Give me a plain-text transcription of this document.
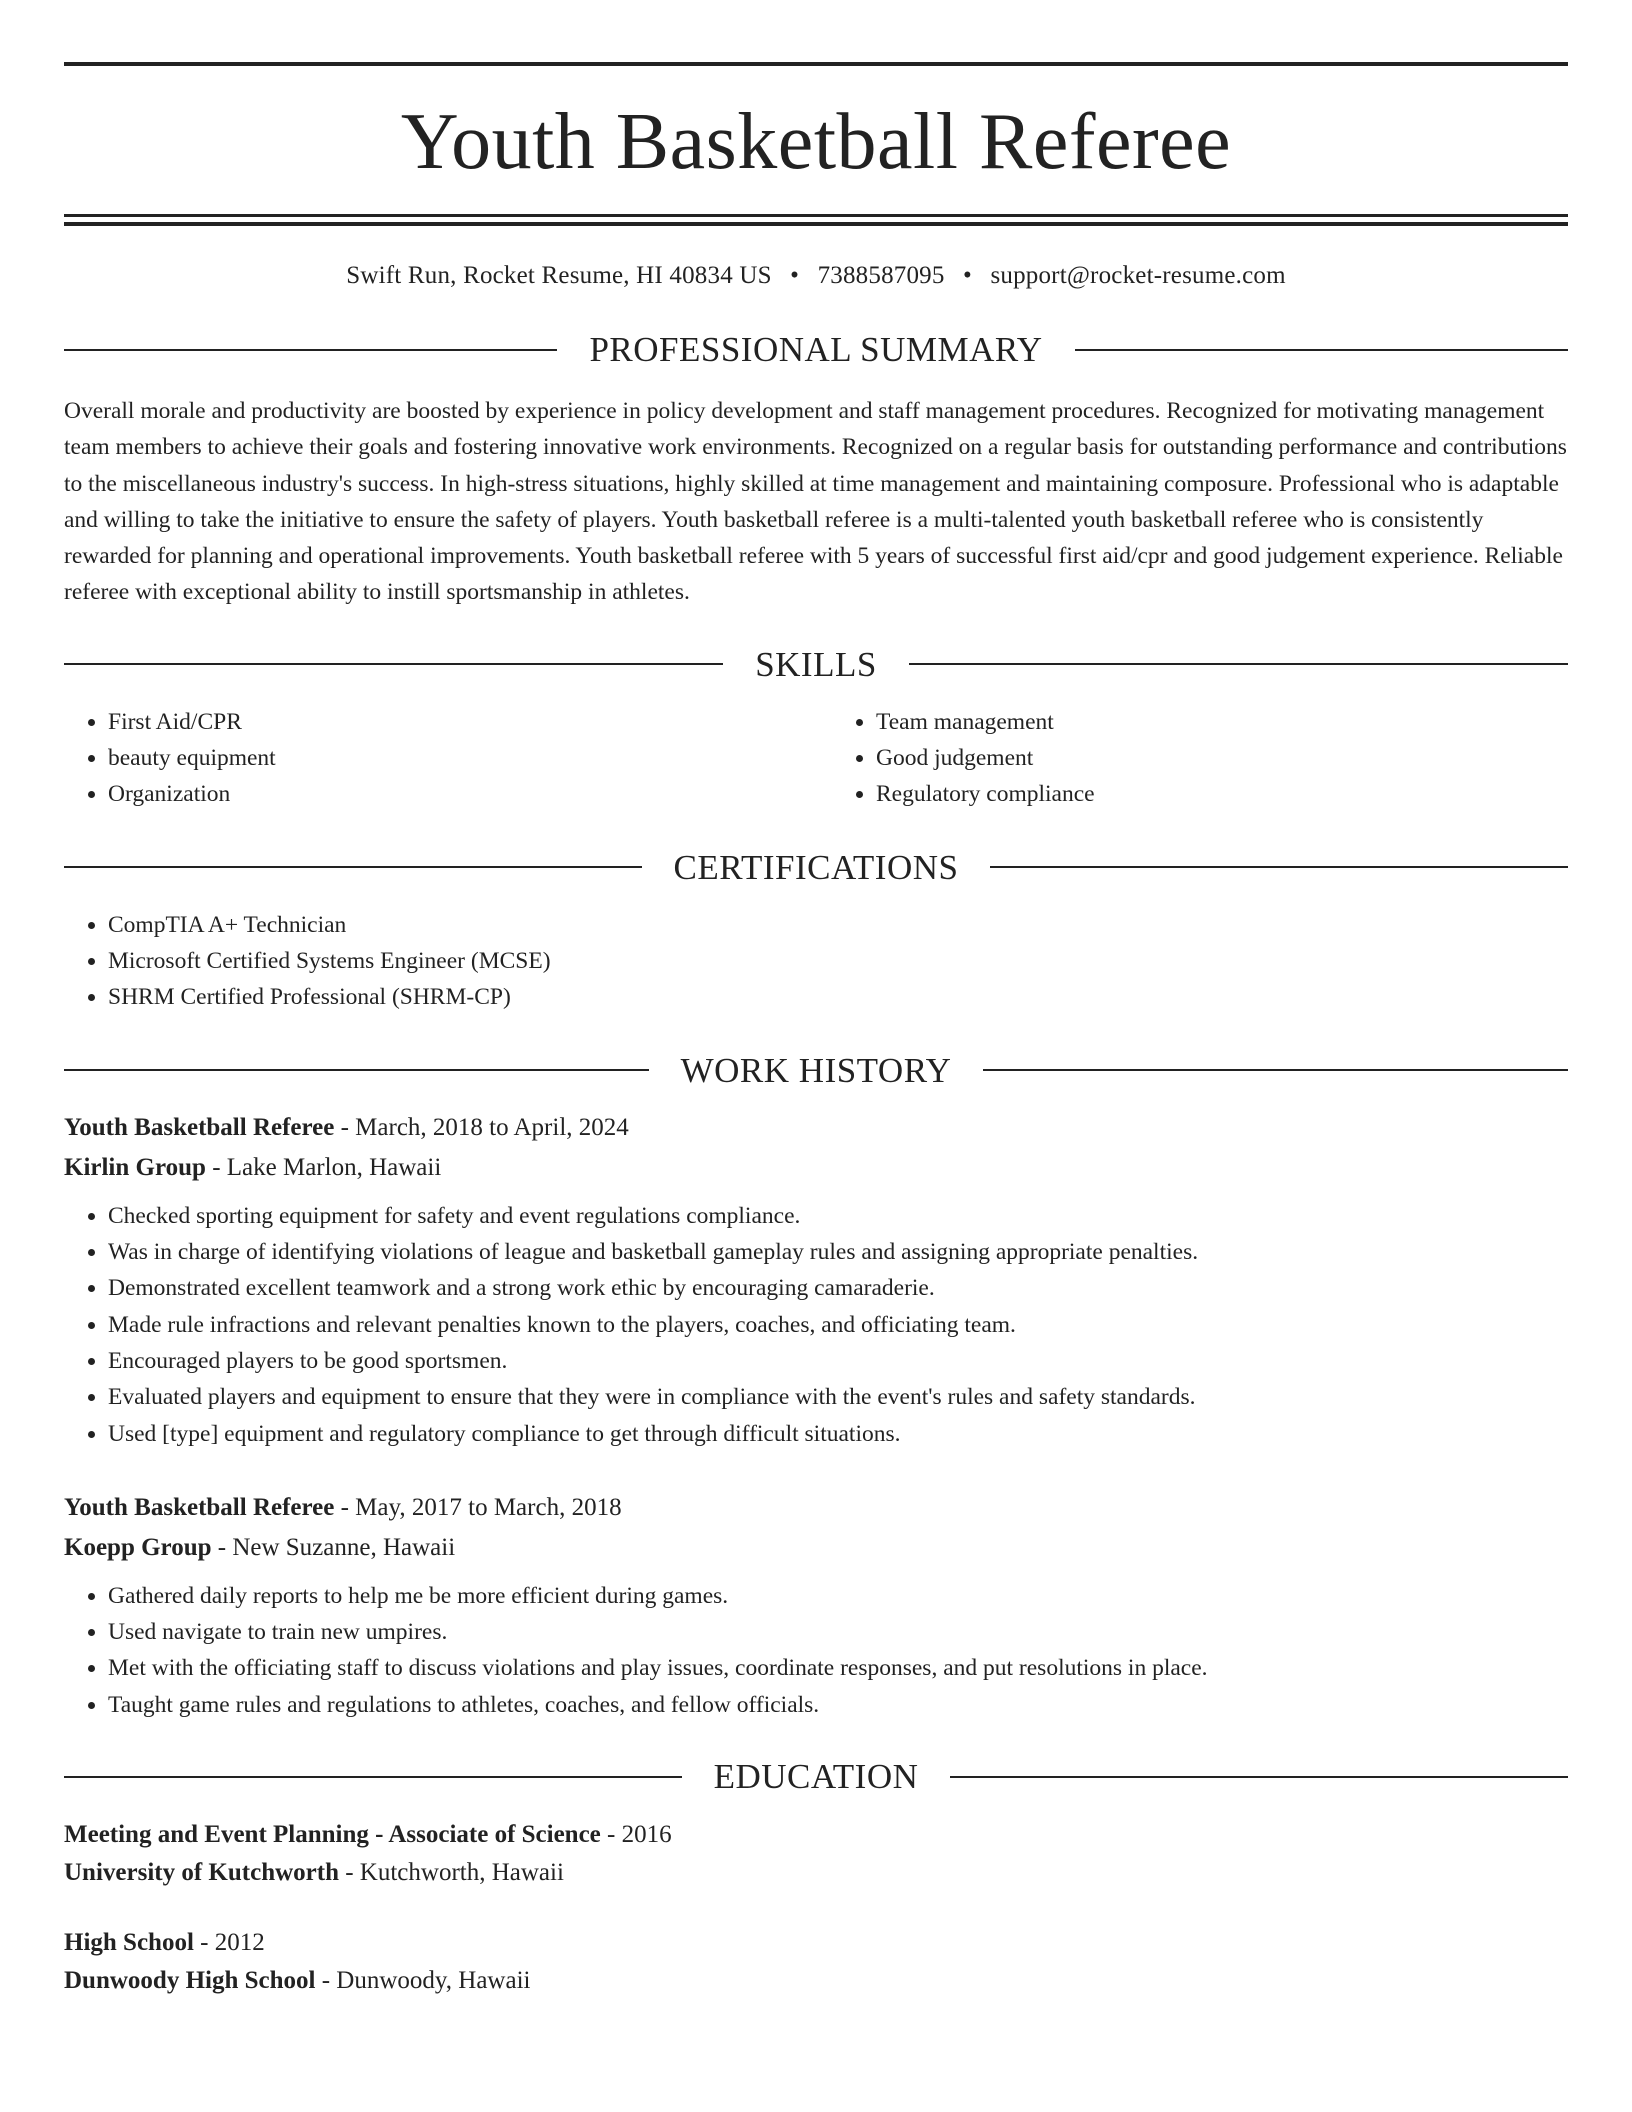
Youth Basketball Referee
Swift Run, Rocket Resume, HI 40834 US • 7388587095 • support@rocket-resume.com
PROFESSIONAL SUMMARY

Overall morale and productivity are boosted by experience in policy development and staff management procedures. Recognized for motivating management team members to achieve their goals and fostering innovative work environments. Recognized on a regular basis for outstanding performance and contributions to the miscellaneous industry's success. In high-stress situations, highly skilled at time management and maintaining composure. Professional who is adaptable and willing to take the initiative to ensure the safety of players. Youth basketball referee is a multi-talented youth basketball referee who is consistently rewarded for planning and operational improvements. Youth basketball referee with 5 years of successful first aid/cpr and good judgement experience. Reliable referee with exceptional ability to instill sportsmanship in athletes.

SKILLS
• First Aid/CPR
• beauty equipment
• Organization
• Team management
• Good judgement
• Regulatory compliance
CERTIFICATIONS
• CompTIA A+ Technician
• Microsoft Certified Systems Engineer (MCSE)
• SHRM Certified Professional (SHRM-CP)
WORK HISTORY
Youth Basketball Referee - March, 2018 to April, 2024
Kirlin Group - Lake Marlon, Hawaii
• Checked sporting equipment for safety and event regulations compliance.
• Was in charge of identifying violations of league and basketball gameplay rules and assigning appropriate penalties.
• Demonstrated excellent teamwork and a strong work ethic by encouraging camaraderie.
• Made rule infractions and relevant penalties known to the players, coaches, and officiating team.
• Encouraged players to be good sportsmen.
• Evaluated players and equipment to ensure that they were in compliance with the event's rules and safety standards.
• Used [type] equipment and regulatory compliance to get through difficult situations.
Youth Basketball Referee - May, 2017 to March, 2018
Koepp Group - New Suzanne, Hawaii
• Gathered daily reports to help me be more efficient during games.
• Used navigate to train new umpires.
• Met with the officiating staff to discuss violations and play issues, coordinate responses, and put resolutions in place.
• Taught game rules and regulations to athletes, coaches, and fellow officials.
EDUCATION
Meeting and Event Planning - Associate of Science - 2016
University of Kutchworth - Kutchworth, Hawaii
High School - 2012
Dunwoody High School - Dunwoody, Hawaii
